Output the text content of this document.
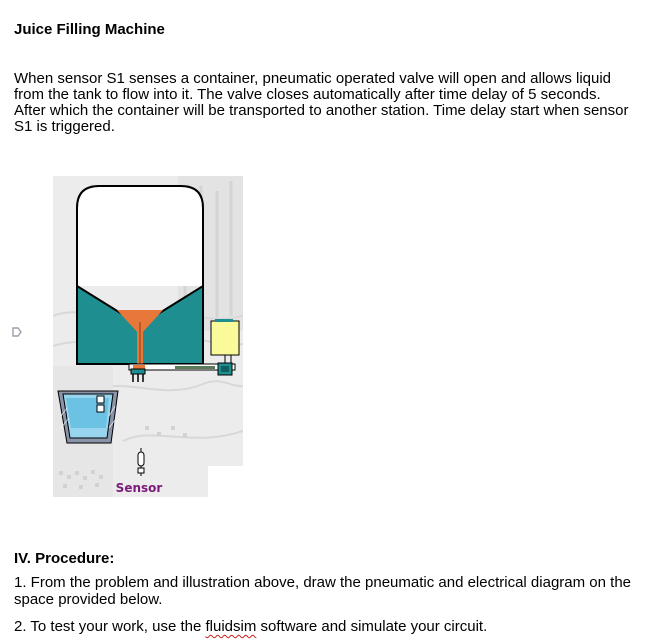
Juice Filling Machine
When sensor S1 senses a container, pneumatic operated valve will open and allows liquid from the tank to flow into it. The valve closes automatically after time delay of 5 seconds. After which the container will be transported to another station. Time delay start when sensor S1 is triggered.
Sensor
IV. Procedure:
1. From the problem and illustration above, draw the pneumatic and electrical diagram on the space provided below.
2. To test your work, use the fluidsim software and simulate your circuit.
